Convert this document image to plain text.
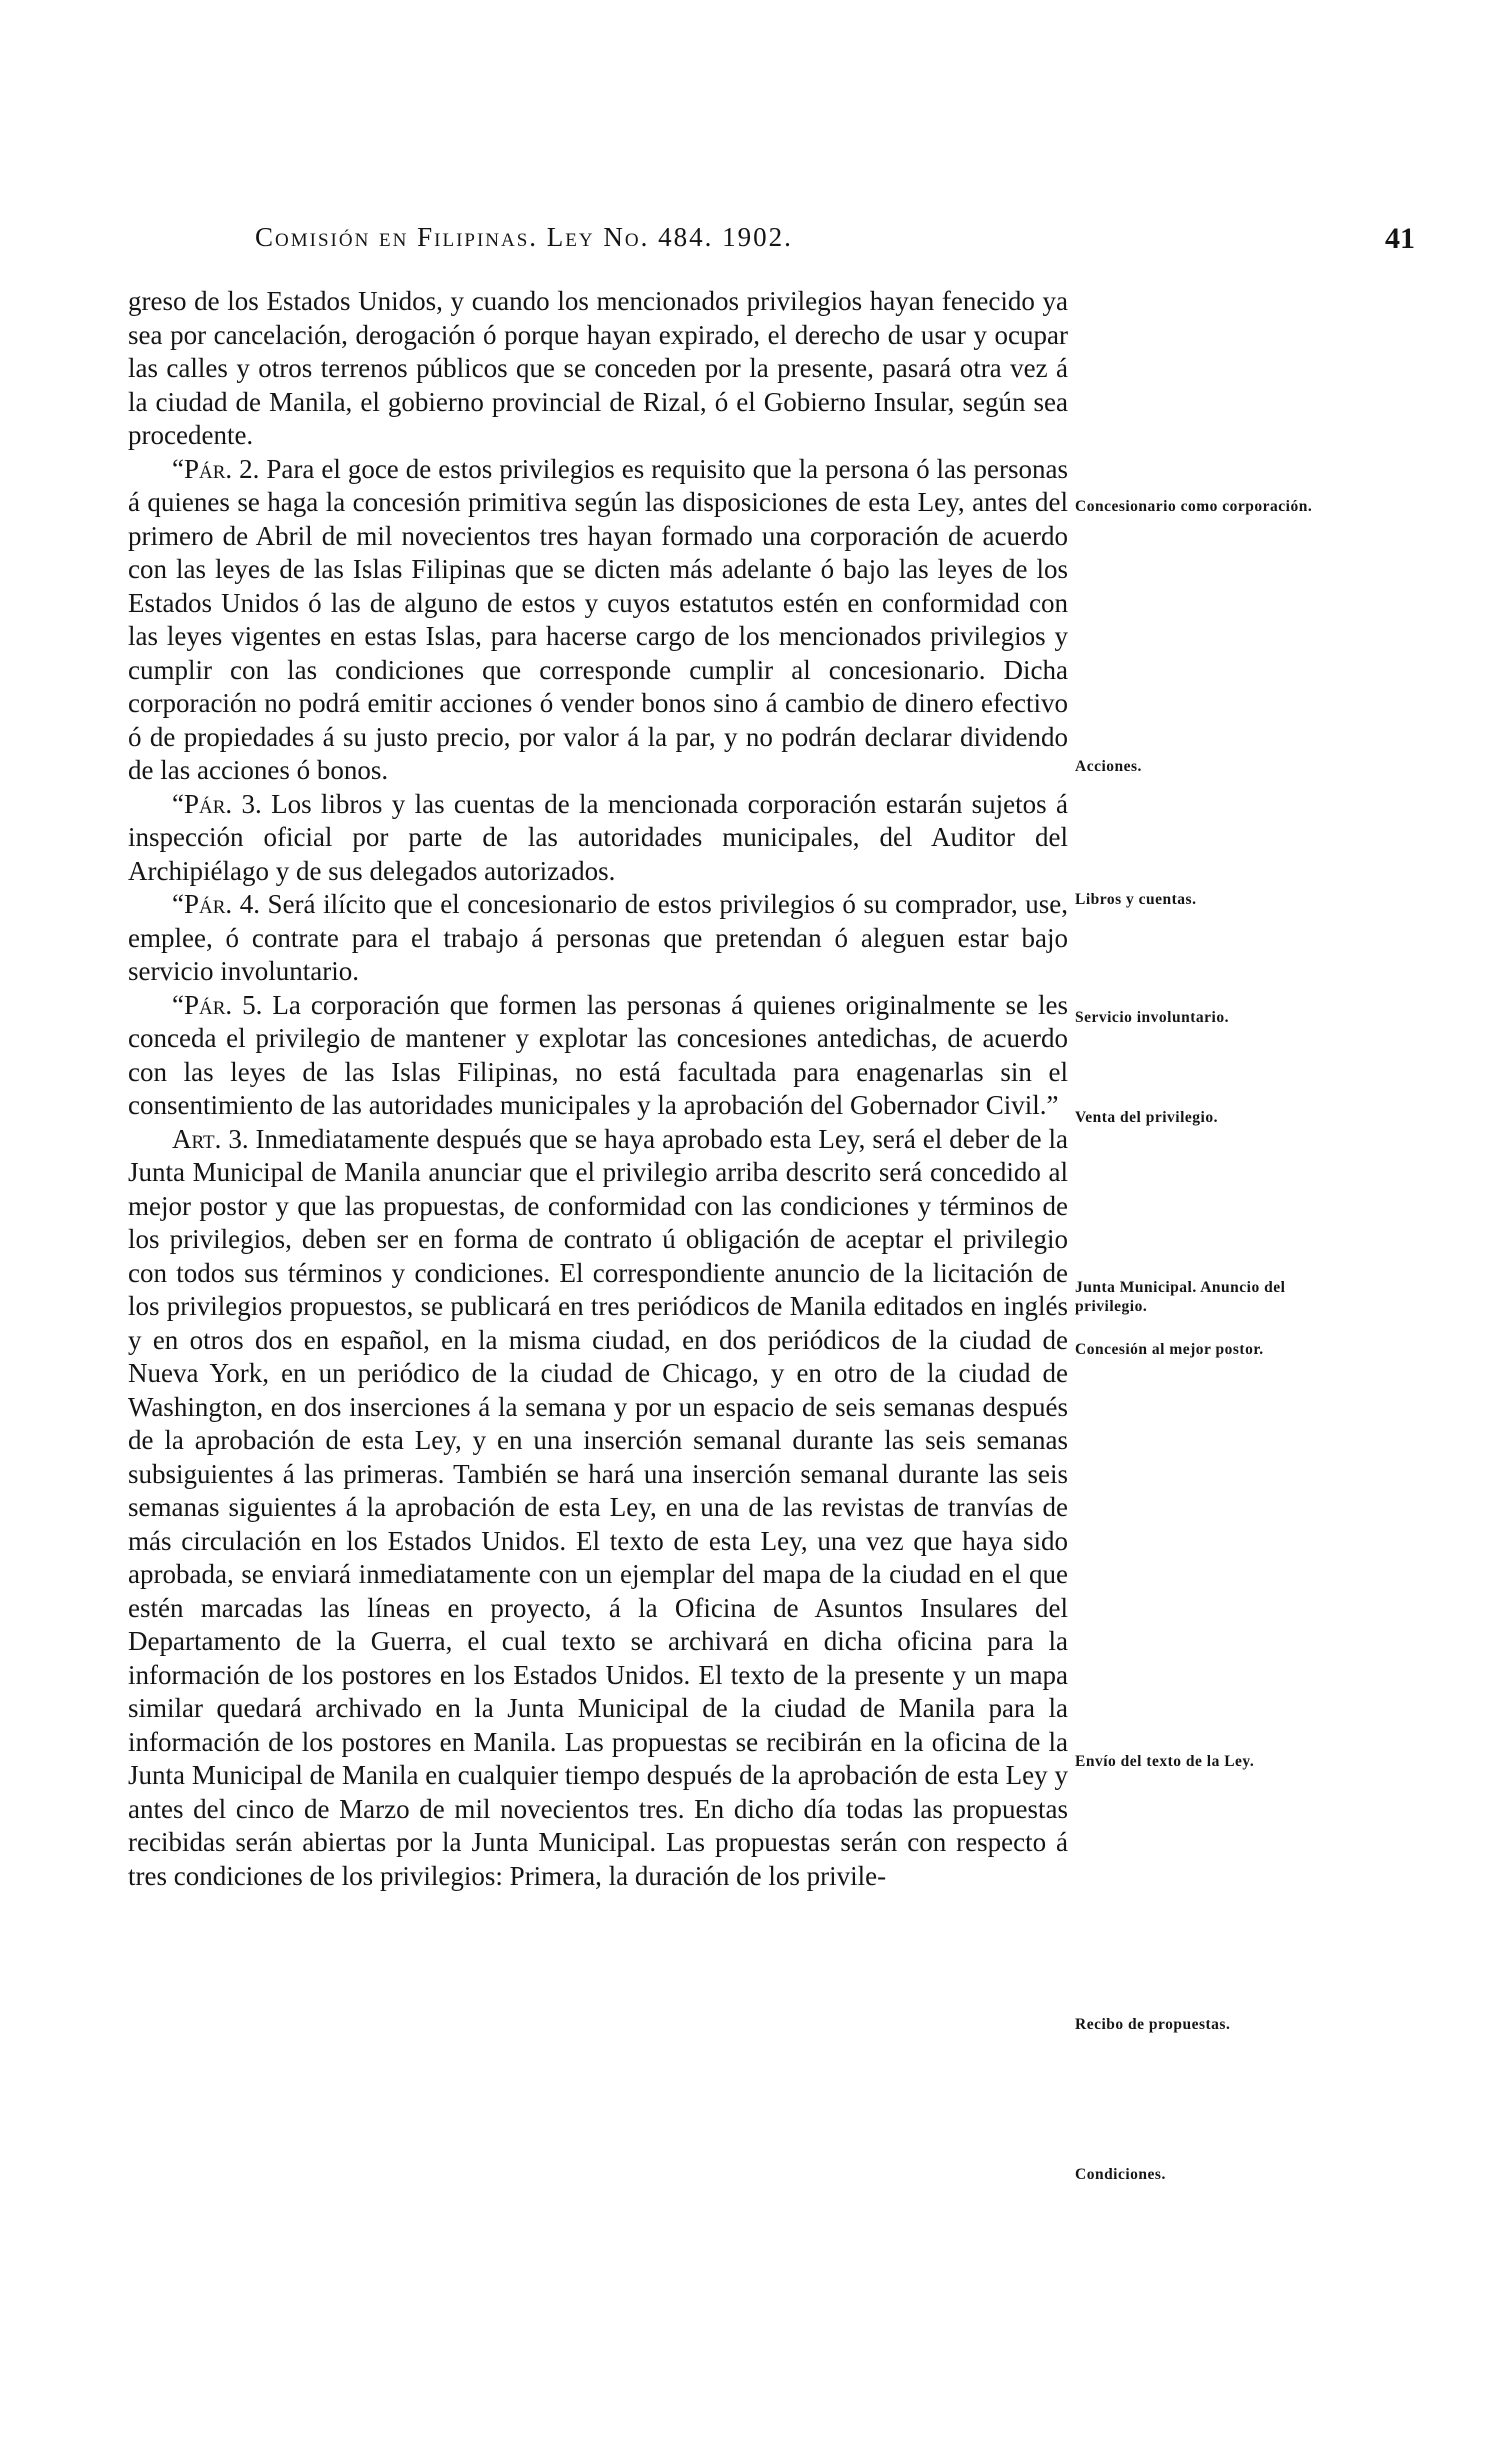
Comisión en Filipinas. Ley No. 484. 1902.	41

greso de los Estados Unidos, y cuando los mencionados privilegios hayan fenecido ya sea por cancelación, derogación ó porque hayan expirado, el derecho de usar y ocupar las calles y otros terrenos públicos que se conceden por la presente, pasará otra vez á la ciudad de Manila, el gobierno provincial de Rizal, ó el Gobierno Insular, según sea procedente.

“Pár. 2. Para el goce de estos privilegios es requisito que la persona ó las personas á quienes se haga la concesión primitiva según las disposiciones de esta Ley, antes del primero de Abril de mil novecientos tres hayan formado una corporación de acuerdo con las leyes de las Islas Filipinas que se dicten más adelante ó bajo las leyes de los Estados Unidos ó las de alguno de estos y cuyos estatutos estén en conformidad con las leyes vigentes en estas Islas, para hacerse cargo de los mencionados privilegios y cumplir con las condiciones que corresponde cumplir al concesionario. Dicha corporación no podrá emitir acciones ó vender bonos sino á cambio de dinero efectivo ó de propiedades á su justo precio, por valor á la par, y no podrán declarar dividendo de las acciones ó bonos.

“Pár. 3. Los libros y las cuentas de la mencionada corporación estarán sujetos á inspección oficial por parte de las autoridades municipales, del Auditor del Archipiélago y de sus delegados autorizados.

“Pár. 4. Será ilícito que el concesionario de estos privilegios ó su comprador, use, emplee, ó contrate para el trabajo á personas que pretendan ó aleguen estar bajo servicio involuntario.

“Pár. 5. La corporación que formen las personas á quienes originalmente se les conceda el privilegio de mantener y explotar las concesiones antedichas, de acuerdo con las leyes de las Islas Filipinas, no está facultada para enagenarlas sin el consentimiento de las autoridades municipales y la aprobación del Gobernador Civil.”

Art. 3. Inmediatamente después que se haya aprobado esta Ley, será el deber de la Junta Municipal de Manila anunciar que el privilegio arriba descrito será concedido al mejor postor y que las propuestas, de conformidad con las condiciones y términos de los privilegios, deben ser en forma de contrato ú obligación de aceptar el privilegio con todos sus términos y condiciones. El correspondiente anuncio de la licitación de los privilegios propuestos, se publicará en tres periódicos de Manila editados en inglés y en otros dos en español, en la misma ciudad, en dos periódicos de la ciudad de Nueva York, en un periódico de la ciudad de Chicago, y en otro de la ciudad de Washington, en dos inserciones á la semana y por un espacio de seis semanas después de la aprobación de esta Ley, y en una inserción semanal durante las seis semanas subsiguientes á las primeras. También se hará una inserción semanal durante las seis semanas siguientes á la aprobación de esta Ley, en una de las revistas de tranvías de más circulación en los Estados Unidos. El texto de esta Ley, una vez que haya sido aprobada, se enviará inmediatamente con un ejemplar del mapa de la ciudad en el que estén marcadas las líneas en proyecto, á la Oficina de Asuntos Insulares del Departamento de la Guerra, el cual texto se archivará en dicha oficina para la información de los postores en los Estados Unidos. El texto de la presente y un mapa similar quedará archivado en la Junta Municipal de la ciudad de Manila para la información de los postores en Manila. Las propuestas se recibirán en la oficina de la Junta Municipal de Manila en cualquier tiempo después de la aprobación de esta Ley y antes del cinco de Marzo de mil novecientos tres. En dicho día todas las propuestas recibidas serán abiertas por la Junta Municipal. Las propuestas serán con respecto á tres condiciones de los privilegios: Primera, la duración de los privile-

Concesionario como corporación.
Acciones.
Libros y cuentas.
Servicio involuntario.
Venta del privilegio.
Junta Municipal. Anuncio del privilegio.
Concesión al mejor postor.
Envío del texto de la Ley.
Recibo de propuestas.
Condiciones.
